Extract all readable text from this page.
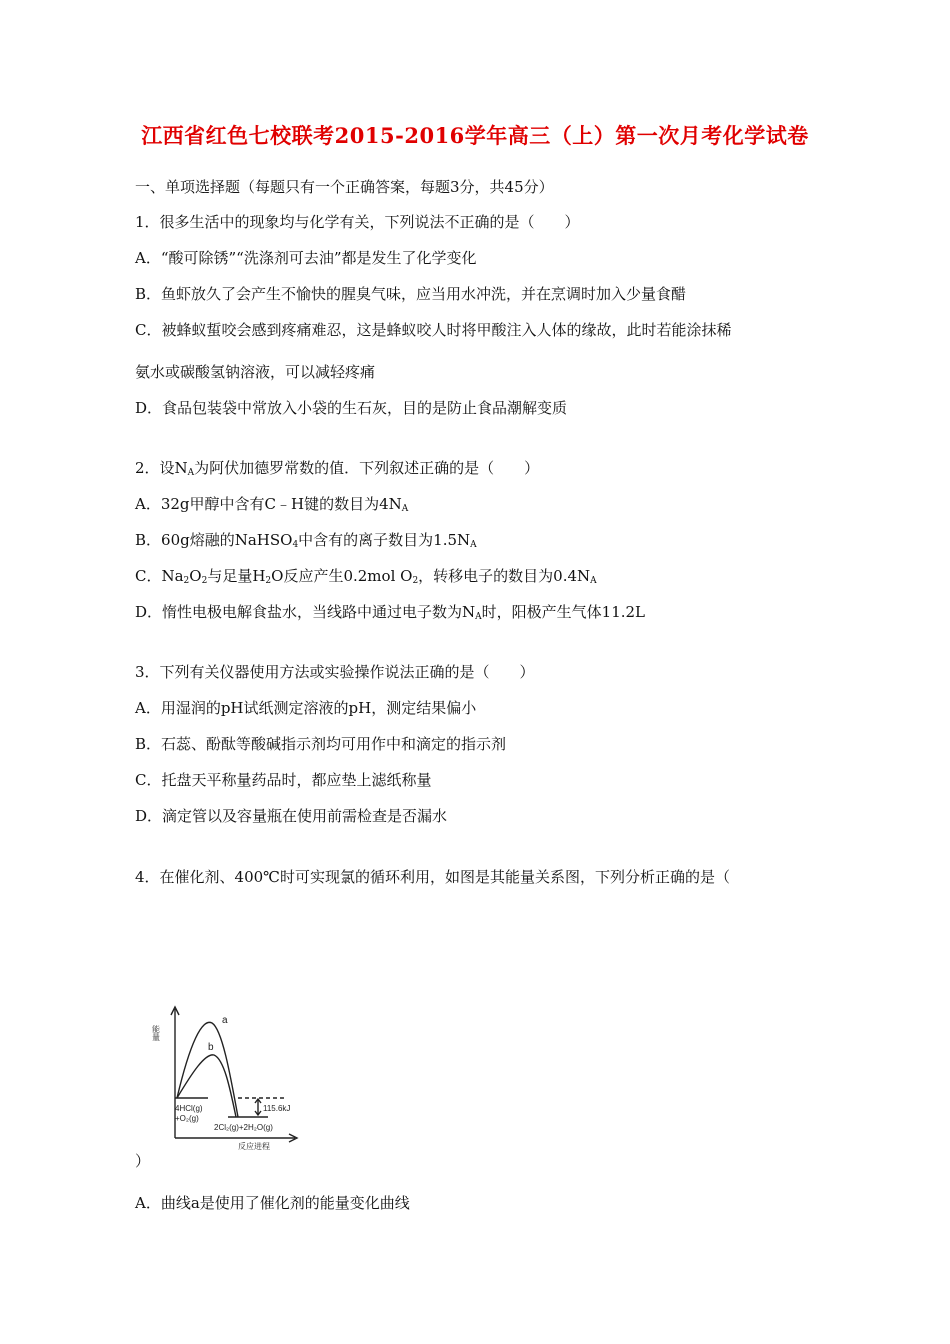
江西省红色七校联考2015-2016学年高三（上）第一次月考化学试卷
一、单项选择题（每题只有一个正确答案，每题3分，共45分）
1．很多生活中的现象均与化学有关，下列说法不正确的是（　　）
A．“酸可除锈”“洗涤剂可去油”都是发生了化学变化
B．鱼虾放久了会产生不愉快的腥臭气味，应当用水冲洗，并在烹调时加入少量食醋
C．被蜂蚁蜇咬会感到疼痛难忍，这是蜂蚁咬人时将甲酸注入人体的缘故，此时若能涂抹稀
氨水或碳酸氢钠溶液，可以减轻疼痛
D．食品包装袋中常放入小袋的生石灰，目的是防止食品潮解变质
2．设$N_A$为阿伏加德罗常数的值．下列叙述正确的是（　　）
A．32g甲醇中含有C﹣H键的数目为$4N_A$
B．60g熔融的NaHSO$_4$中含有的离子数目为$1.5N_A$
C．$Na_2O_2$与足量$H_2O$反应产生0.2mol $O_2$，转移电子的数目为$0.4N_A$
D．惰性电极电解食盐水，当线路中通过电子数为$N_A$时，阳极产生气体11.2L
3．下列有关仪器使用方法或实验操作说法正确的是（　　）
A．用湿润的pH试纸测定溶液的pH，测定结果偏小
B．石蕊、酚酞等酸碱指示剂均可用作中和滴定的指示剂
C．托盘天平称量药品时，都应垫上滤纸称量
D．滴定管以及容量瓶在使用前需检查是否漏水
4．在催化剂、400℃时可实现氯的循环利用，如图是其能量关系图，下列分析正确的是（
能量
a
b
4HCl(g)
+O₂(g)
115.6kJ
2Cl₂(g)+2H₂O(g)
反应进程
）
A．曲线a是使用了催化剂的能量变化曲线
